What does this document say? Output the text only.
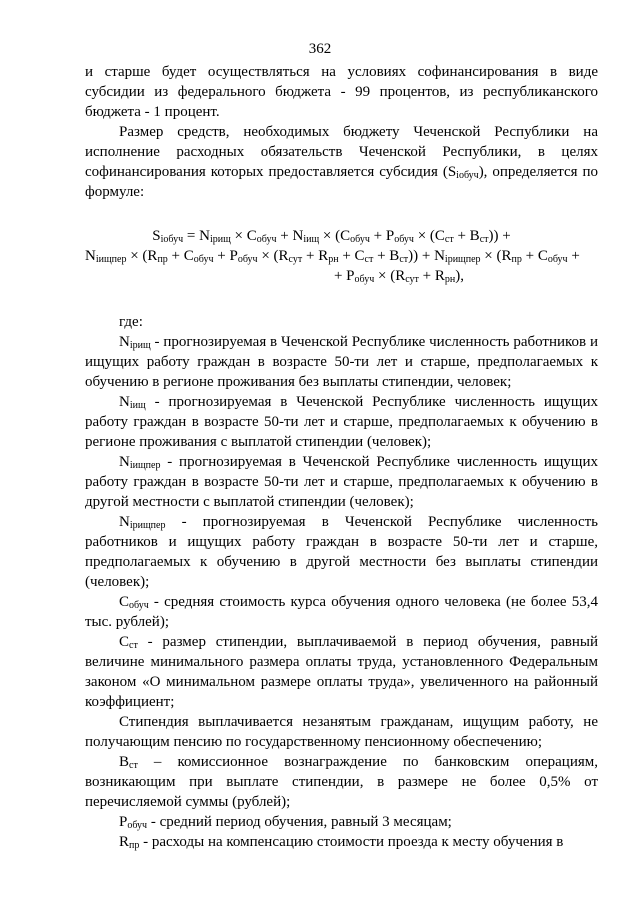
362

и старше будет осуществляться на условиях софинансирования в виде субсидии из федерального бюджета - 99 процентов, из республиканского бюджета - 1 процент.

Размер средств, необходимых бюджету Чеченской Республики на исполнение расходных обязательств Чеченской Республики, в целях софинансирования которых предоставляется субсидия $(S_{iобуч})$, определяется по формуле:

$S_{iобуч} = N_{iрищ} \times C_{обуч} + N_{iищ} \times (C_{обуч} + P_{обуч} \times (C_{ст} + B_{ст}))$ +
$N_{iищпер} \times (R_{пр} + C_{обуч} + P_{обуч} \times (R_{сут} + R_{рн} + C_{ст} + B_{ст})) + N_{iрищпер} \times (R_{пр} + C_{обуч}$ +
+ $P_{обуч} \times (R_{сут} + R_{рн})$,

где:

$N_{iрищ}$ - прогнозируемая в Чеченской Республике численность работников и ищущих работу граждан в возрасте 50-ти лет и старше, предполагаемых к обучению в регионе проживания без выплаты стипендии, человек;

$N_{iищ}$ - прогнозируемая в Чеченской Республике численность ищущих работу граждан в возрасте 50-ти лет и старше, предполагаемых к обучению в регионе проживания с выплатой стипендии (человек);

$N_{iищпер}$ - прогнозируемая в Чеченской Республике численность ищущих работу граждан в возрасте 50-ти лет и старше, предполагаемых к обучению в другой местности с выплатой стипендии (человек);

$N_{iрищпер}$ - прогнозируемая в Чеченской Республике численность работников и ищущих работу граждан в возрасте 50-ти лет и старше, предполагаемых к обучению в другой местности без выплаты стипендии (человек);

$C_{обуч}$ - средняя стоимость курса обучения одного человека (не более 53,4 тыс. рублей);

$C_{ст}$ - размер стипендии, выплачиваемой в период обучения, равный величине минимального размера оплаты труда, установленного Федеральным законом «О минимальном размере оплаты труда», увеличенного на районный коэффициент;

Стипендия выплачивается незанятым гражданам, ищущим работу, не получающим пенсию по государственному пенсионному обеспечению;

$B_{ст}$ – комиссионное вознаграждение по банковским операциям, возникающим при выплате стипендии, в размере не более 0,5% от перечисляемой суммы (рублей);

$P_{обуч}$ - средний период обучения, равный 3 месяцам;

$R_{пр}$ - расходы на компенсацию стоимости проезда к месту обучения в
